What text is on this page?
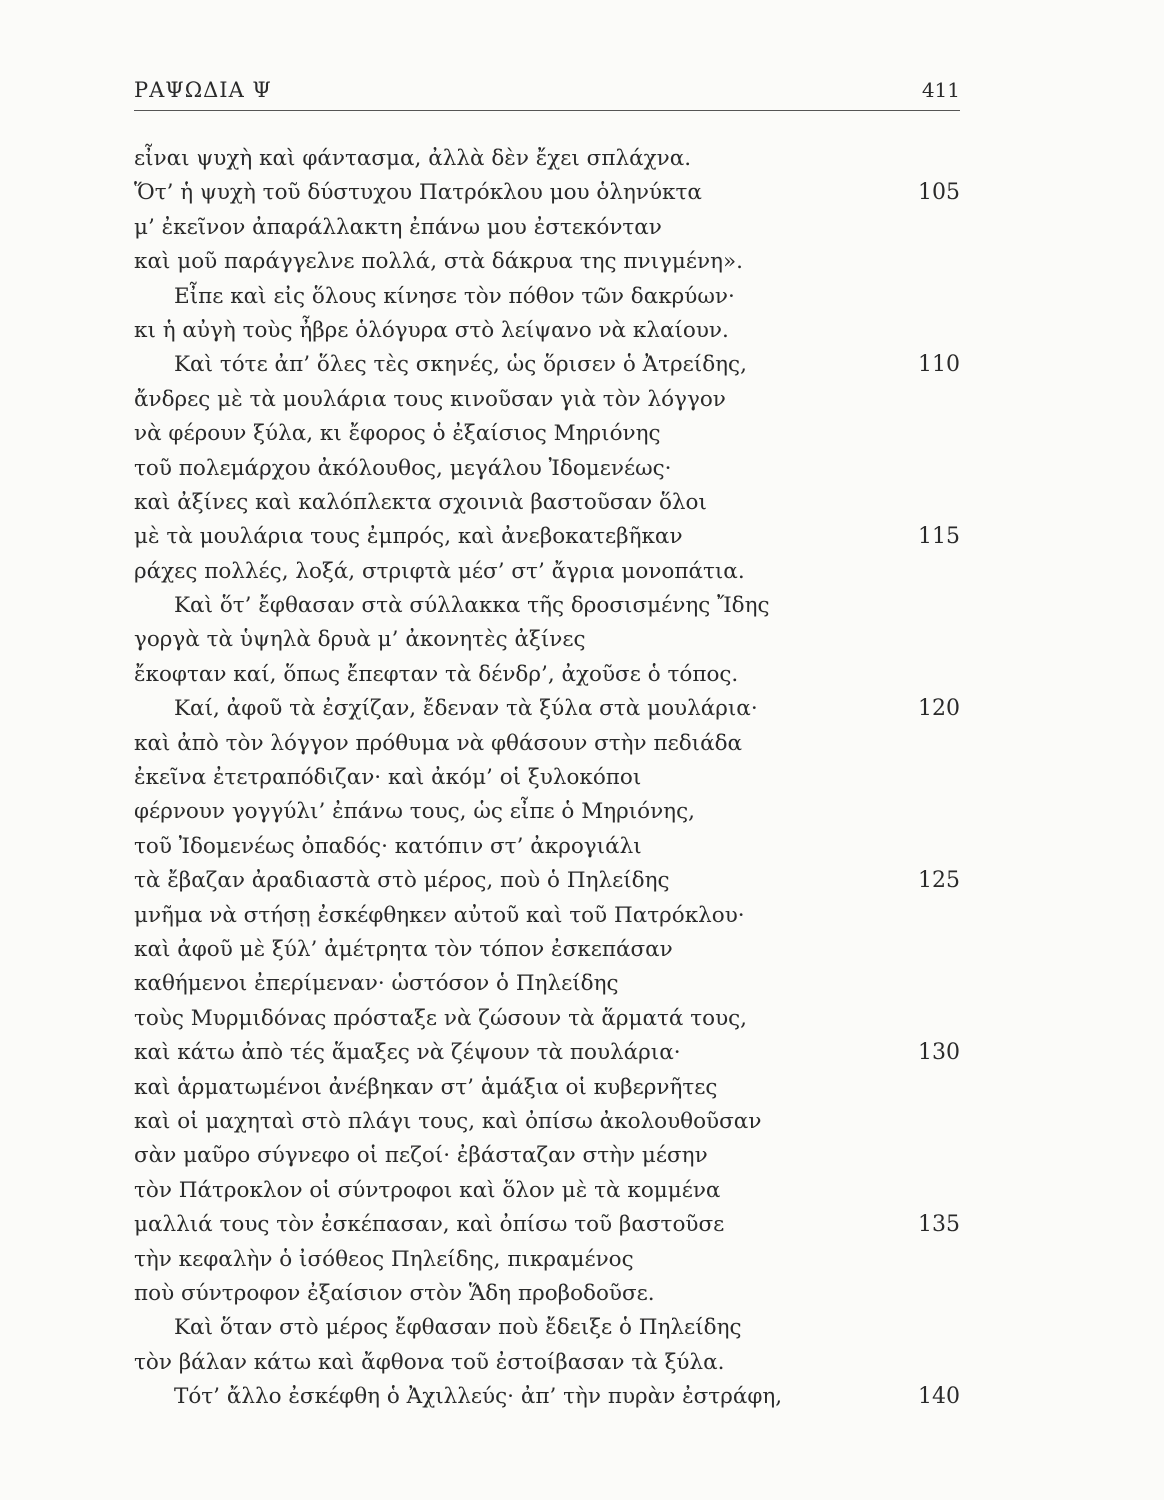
ΡΑΨΩΔΙΑ Ψ	411
εἶναι ψυχὴ καὶ φάντασμα, ἀλλὰ δὲν ἔχει σπλάχνα.
Ὅτ’ ἡ ψυχὴ τοῦ δύστυχου Πατρόκλου μου ὁληνύκτα	105
μ’ ἐκεῖνον ἀπαράλλακτη ἐπάνω μου ἐστεκόνταν
καὶ μοῦ παράγγελνε πολλά, στὰ δάκρυα της πνιγμένη».
Εἶπε καὶ εἰς ὅλους κίνησε τὸν πόθον τῶν δακρύων·
κι ἡ αὐγὴ τοὺς ἦβρε ὁλόγυρα στὸ λείψανο νὰ κλαίουν.
Καὶ τότε ἀπ’ ὅλες τὲς σκηνές, ὡς ὅρισεν ὁ Ἀτρείδης,	110
ἄνδρες μὲ τὰ μουλάρια τους κινοῦσαν γιὰ τὸν λόγγον
νὰ φέρουν ξύλα, κι ἔφορος ὁ ἐξαίσιος Μηριόνης
τοῦ πολεμάρχου ἀκόλουθος, μεγάλου Ἰδομενέως·
καὶ ἀξίνες καὶ καλόπλεκτα σχοινιὰ βαστοῦσαν ὅλοι
μὲ τὰ μουλάρια τους ἐμπρός, καὶ ἀνεβοκατεβῆκαν	115
ράχες πολλές, λοξά, στριφτὰ μέσ’ στ’ ἄγρια μονοπάτια.
Καὶ ὅτ’ ἔφθασαν στὰ σύλλακκα τῆς δροσισμένης Ἴδης
γοργὰ τὰ ὑψηλὰ δρυὰ μ’ ἀκονητὲς ἀξίνες
ἔκοφταν καί, ὅπως ἔπεφταν τὰ δένδρ’, ἀχοῦσε ὁ τόπος.
Καί, ἀφοῦ τὰ ἐσχίζαν, ἔδεναν τὰ ξύλα στὰ μουλάρια·	120
καὶ ἀπὸ τὸν λόγγον πρόθυμα νὰ φθάσουν στὴν πεδιάδα
ἐκεῖνα ἐτετραπόδιζαν· καὶ ἀκόμ’ οἱ ξυλοκόποι
φέρνουν γογγύλι’ ἐπάνω τους, ὡς εἶπε ὁ Μηριόνης,
τοῦ Ἰδομενέως ὀπαδός· κατόπιν στ’ ἀκρογιάλι
τὰ ἔβαζαν ἀραδιαστὰ στὸ μέρος, ποὺ ὁ Πηλείδης	125
μνῆμα νὰ στήσῃ ἐσκέφθηκεν αὐτοῦ καὶ τοῦ Πατρόκλου·
καὶ ἀφοῦ μὲ ξύλ’ ἀμέτρητα τὸν τόπον ἐσκεπάσαν
καθήμενοι ἐπερίμεναν· ὡστόσον ὁ Πηλείδης
τοὺς Μυρμιδόνας πρόσταξε νὰ ζώσουν τὰ ἅρματά τους,
καὶ κάτω ἀπὸ τές ἅμαξες νὰ ζέψουν τὰ πουλάρια·	130
καὶ ἁρματωμένοι ἀνέβηκαν στ’ ἁμάξια οἱ κυβερνῆτες
καὶ οἱ μαχηταὶ στὸ πλάγι τους, καὶ ὀπίσω ἀκολουθοῦσαν
σὰν μαῦρο σύγνεφο οἱ πεζοί· ἐβάσταζαν στὴν μέσην
τὸν Πάτροκλον οἱ σύντροφοι καὶ ὅλον μὲ τὰ κομμένα
μαλλιά τους τὸν ἐσκέπασαν, καὶ ὀπίσω τοῦ βαστοῦσε	135
τὴν κεφαλὴν ὁ ἰσόθεος Πηλείδης, πικραμένος
ποὺ σύντροφον ἐξαίσιον στὸν Ἅδη προβοδοῦσε.
Καὶ ὅταν στὸ μέρος ἔφθασαν ποὺ ἔδειξε ὁ Πηλείδης
τὸν βάλαν κάτω καὶ ἄφθονα τοῦ ἐστοίβασαν τὰ ξύλα.
Τότ’ ἄλλο ἐσκέφθη ὁ Ἀχιλλεύς· ἀπ’ τὴν πυρὰν ἐστράφη,	140
